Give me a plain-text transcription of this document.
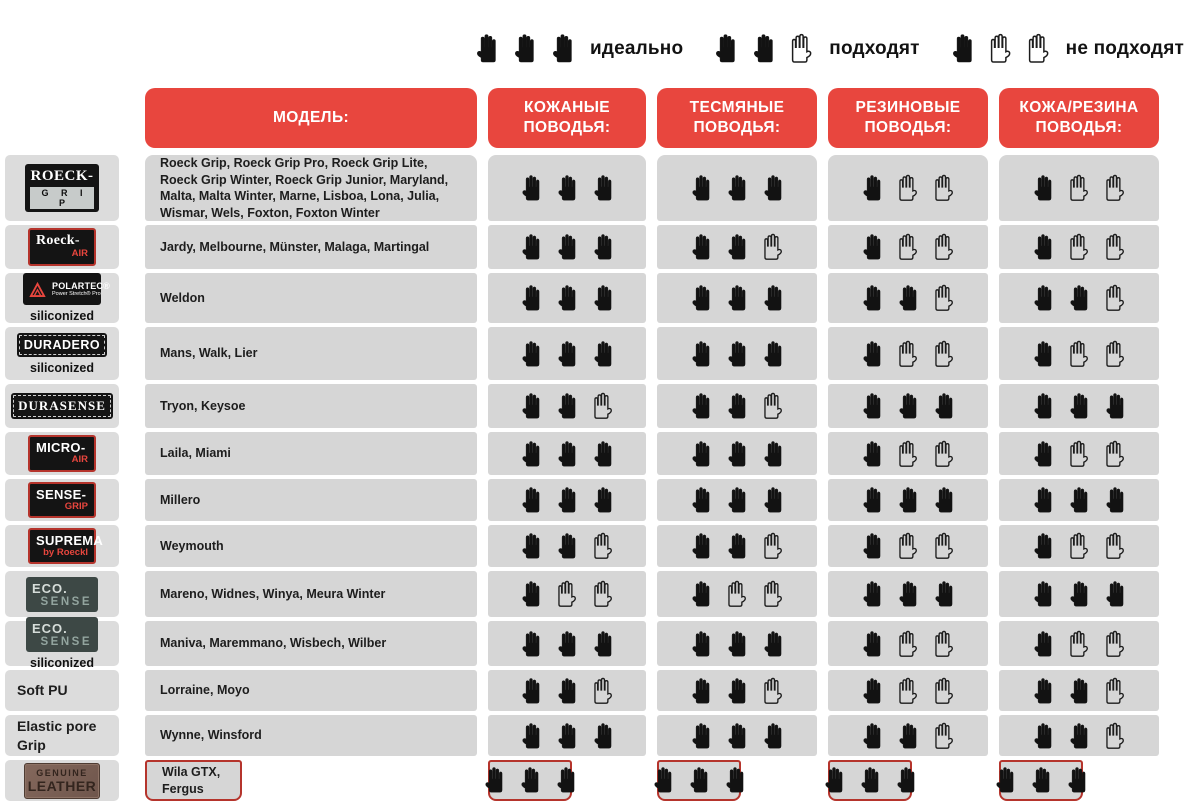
идеально	подходят	не подходят
МОДЕЛЬ:
КОЖАНЫЕ ПОВОДЬЯ:
ТЕСМЯНЫЕ ПОВОДЬЯ:
РЕЗИНОВЫЕ ПОВОДЬЯ:
КОЖА/РЕЗИНА ПОВОДЬЯ:
ROECK-
G R I P
Roeck-
AIR
POLARTEC®
Power Stretch® Pro
siliconized
DURADERO
siliconized
DURASENSE
MICRO-
AIR
SENSE-
GRIP
SUPREMA
by Roeckl
ECO.
SENSE
ECO.
SENSE
siliconized
Soft PU
Elastic pore
Grip
GENUINE
LEATHER
Roeck Grip, Roeck Grip Pro, Roeck Grip Lite, Roeck Grip Winter, Roeck Grip Junior, Maryland, Malta, Malta Winter, Marne, Lisboa, Lona, Julia, Wismar, Wels, Foxton, Foxton Winter
Jardy, Melbourne, Münster, Malaga, Martingal
Weldon
Mans, Walk, Lier
Tryon, Keysoe
Laila, Miami
Millero
Weymouth
Mareno, Widnes, Winya, Meura Winter
Maniva, Maremmano, Wisbech, Wilber
Lorraine, Moyo
Wynne, Winsford
Wila GTX, Fergus
